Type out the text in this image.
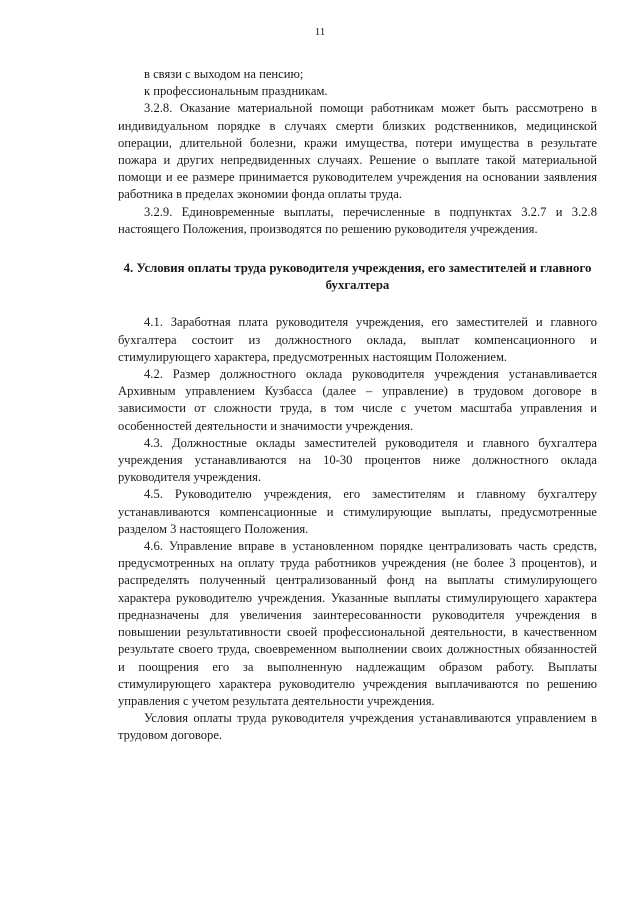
11

в связи с выходом на пенсию;

к профессиональным праздникам.

3.2.8. Оказание материальной помощи работникам может быть рассмотрено в индивидуальном порядке в случаях смерти близких родственников, медицинской операции, длительной болезни, кражи имущества, потери имущества в результате пожара и других непредвиденных случаях. Решение о выплате такой материальной помощи и ее размере принимается руководителем учреждения на основании заявления работника в пределах экономии фонда оплаты труда.

3.2.9. Единовременные выплаты, перечисленные в подпунктах 3.2.7 и 3.2.8 настоящего Положения, производятся по решению руководителя учреждения.

4. Условия оплаты труда руководителя учреждения, его заместителей и главного бухгалтера

4.1. Заработная плата руководителя учреждения, его заместителей и главного бухгалтера состоит из должностного оклада, выплат компенсационного и стимулирующего характера, предусмотренных настоящим Положением.

4.2. Размер должностного оклада руководителя учреждения устанавливается Архивным управлением Кузбасса (далее – управление) в трудовом договоре в зависимости от сложности труда, в том числе с учетом масштаба управления и особенностей деятельности и значимости учреждения.

4.3. Должностные оклады заместителей руководителя и главного бухгалтера учреждения устанавливаются на 10-30 процентов ниже должностного оклада руководителя учреждения.

4.5. Руководителю учреждения, его заместителям и главному бухгалтеру устанавливаются компенсационные и стимулирующие выплаты, предусмотренные разделом 3 настоящего Положения.

4.6. Управление вправе в установленном порядке централизовать часть средств, предусмотренных на оплату труда работников учреждения (не более 3 процентов), и распределять полученный централизованный фонд на выплаты стимулирующего характера руководителю учреждения. Указанные выплаты стимулирующего характера предназначены для увеличения заинтересованности руководителя учреждения в повышении результативности своей профессиональной деятельности, в качественном результате своего труда, своевременном выполнении своих должностных обязанностей и поощрения его за выполненную надлежащим образом работу. Выплаты стимулирующего характера руководителю учреждения выплачиваются по решению управления с учетом результата деятельности учреждения.

Условия оплаты труда руководителя учреждения устанавливаются управлением в трудовом договоре.
